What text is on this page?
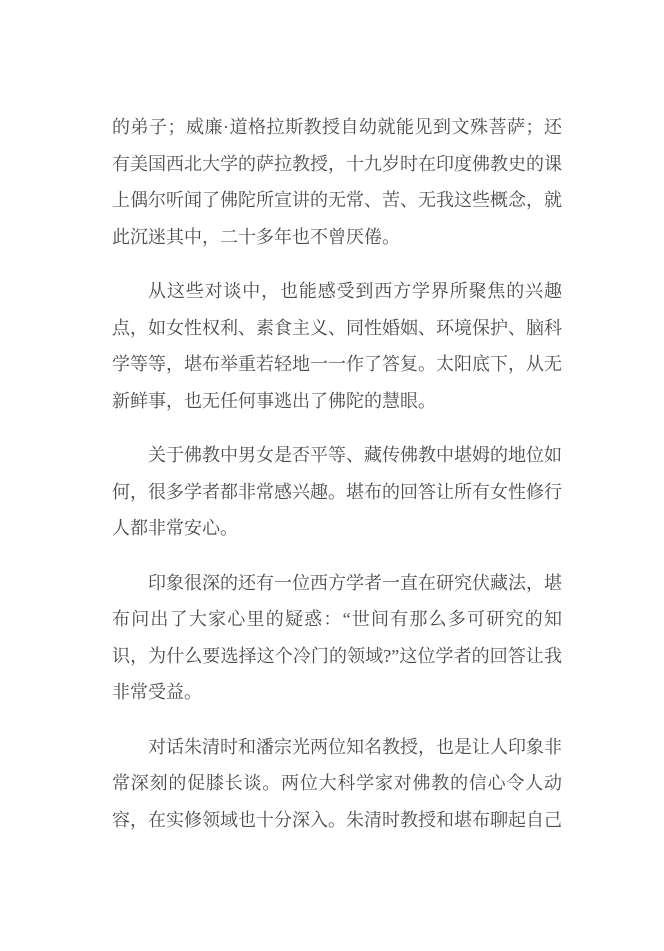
的弟子；威廉·道格拉斯教授自幼就能见到文殊菩萨；还有美国西北大学的萨拉教授，十九岁时在印度佛教史的课上偶尔听闻了佛陀所宣讲的无常、苦、无我这些概念，就此沉迷其中，二十多年也不曾厌倦。

从这些对谈中，也能感受到西方学界所聚焦的兴趣点，如女性权利、素食主义、同性婚姻、环境保护、脑科学等等，堪布举重若轻地一一作了答复。太阳底下，从无新鲜事，也无任何事逃出了佛陀的慧眼。

关于佛教中男女是否平等、藏传佛教中堪姆的地位如何，很多学者都非常感兴趣。堪布的回答让所有女性修行人都非常安心。

印象很深的还有一位西方学者一直在研究伏藏法，堪布问出了大家心里的疑惑：“世间有那么多可研究的知识，为什么要选择这个冷门的领域?”这位学者的回答让我非常受益。

对话朱清时和潘宗光两位知名教授，也是让人印象非常深刻的促膝长谈。两位大科学家对佛教的信心令人动容，在实修领域也十分深入。朱清时教授和堪布聊起自己
